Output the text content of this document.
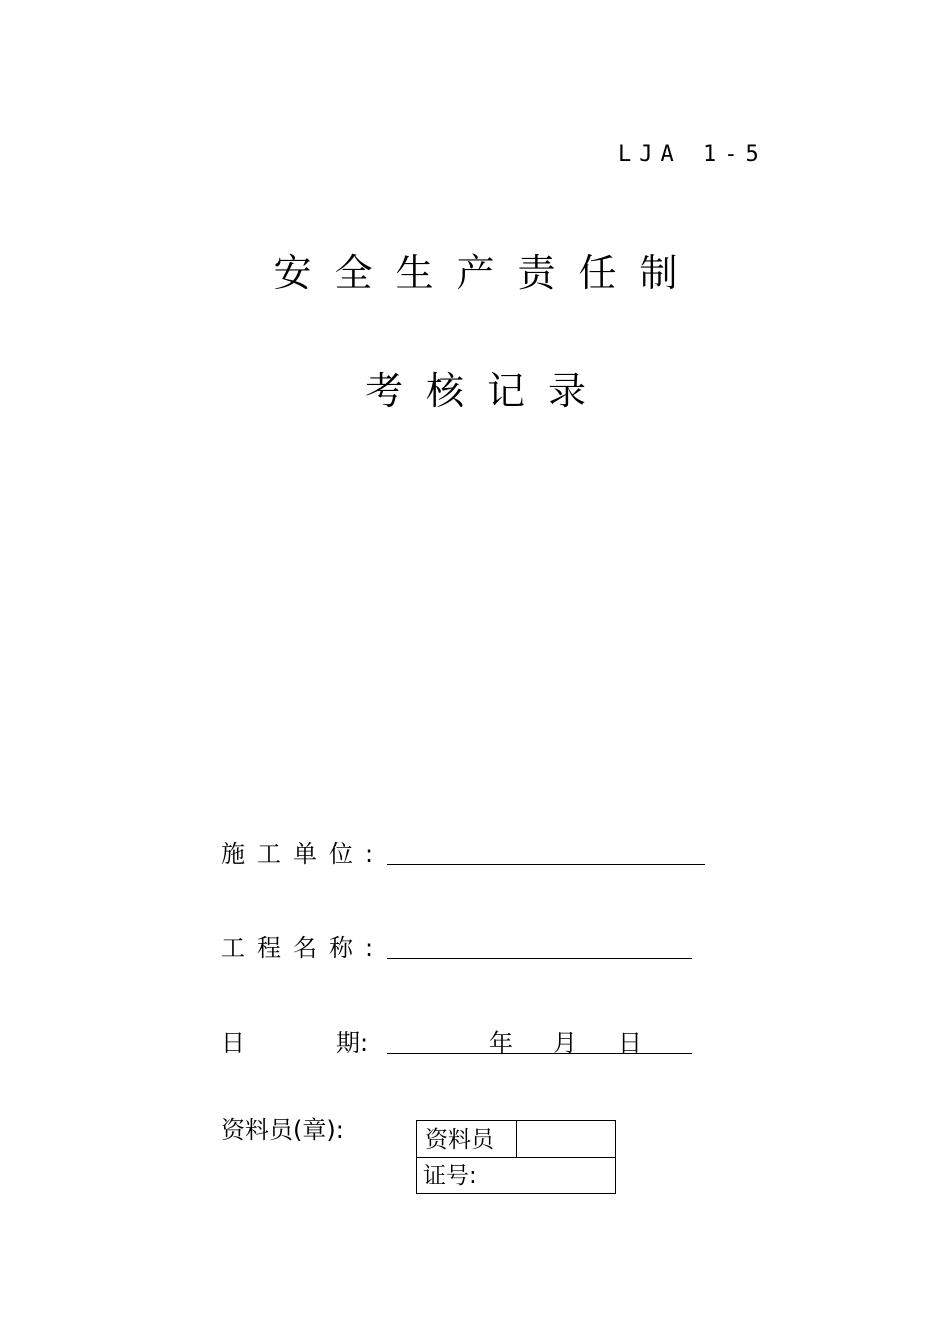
LJA 1-5
安全生产责任制
考核记录
施工单位:
工程名称:
日	期:	年 月 日
资料员(章):	资料员
证号:
